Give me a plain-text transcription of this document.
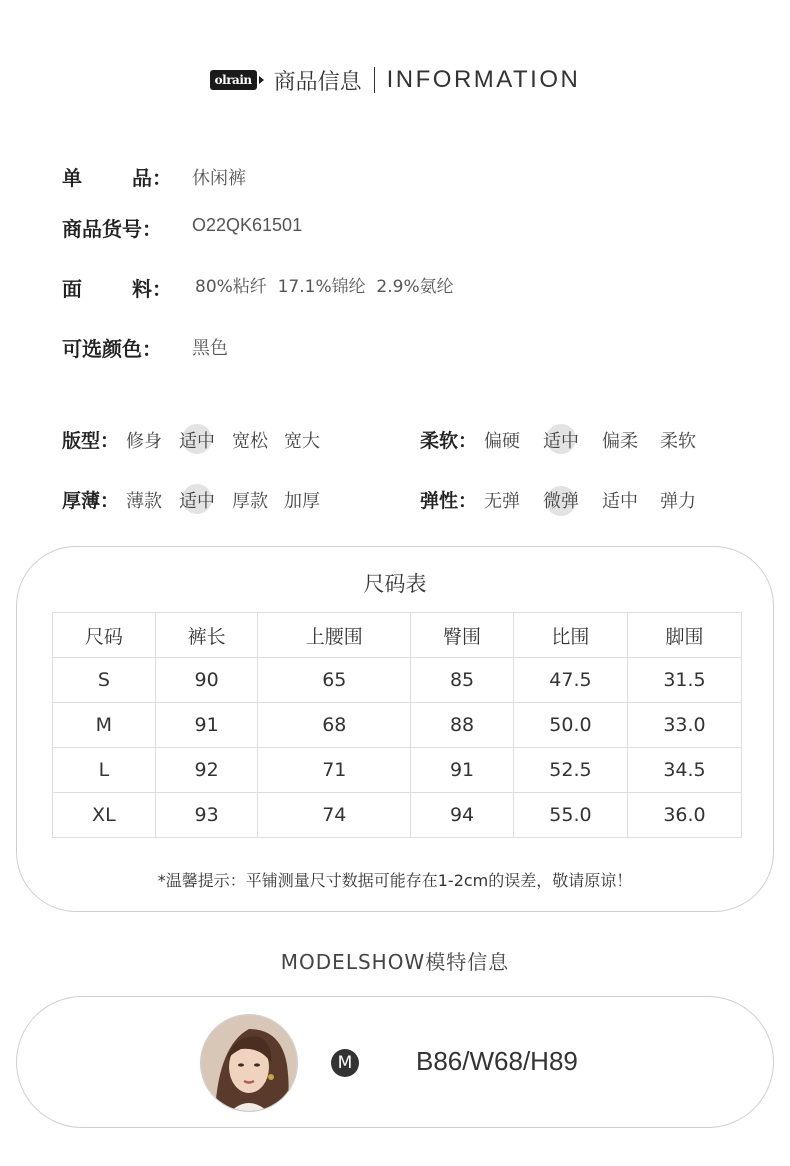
olrain 商品信息 INFORMATION
单	品： 休闲裤
商品货号：	O22QK61501
面	料： 80%粘纤  17.1%锦纶  2.9%氨纶
可选颜色：	黑色
版型： 修身 适中 宽松 宽大	柔软： 偏硬 适中 偏柔 柔软
厚薄： 薄款 适中 厚款 加厚	弹性： 无弹 微弹 适中 弹力
尺码表
尺码	裤长	上腰围	臀围	比围	脚围
S	90	65	85	47.5	31.5
M	91	68	88	50.0	33.0
L	92	71	91	52.5	34.5
XL	93	74	94	55.0	36.0
*温馨提示：平铺测量尺寸数据可能存在1-2cm的误差，敬请原谅！
MODELSHOW模特信息
M B86/W68/H89
